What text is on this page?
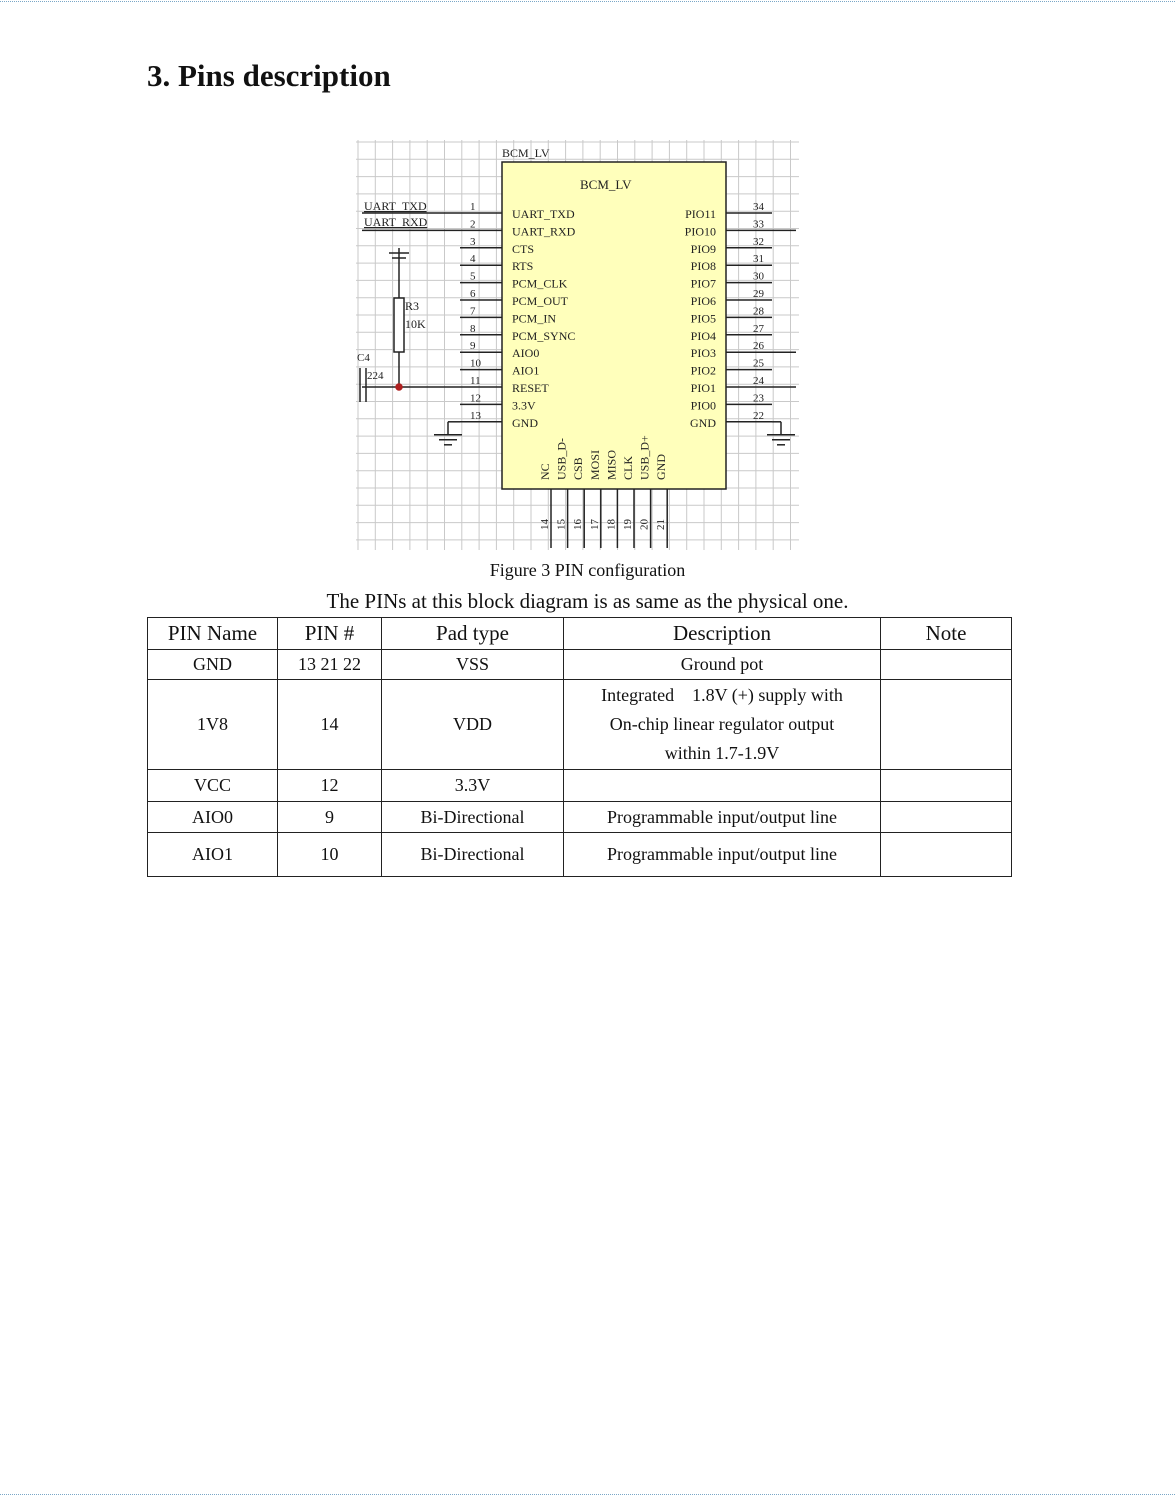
3. Pins description
BCM_LV
BCM_LV
UART_TXD
UART_RXD
R3
10K
C4
224
1	UART_TXD
2	UART_RXD
3	CTS
4
RTS
5	PCM_CLK
6	PCM_OUT
7	PCM_IN
8	PCM_SYNC
9	AIO0
10	AIO1
11	RESET
12	3.3V
13	GND
34
PIO11
33
PIO10
32
PIO9
31
PIO8
30
PIO7
29
PIO6
28
PIO5
27
PIO4
26
PIO3
25
PIO2
24
PIO1
23
PIO0
22
GND
NC
14
USB_D-
15
CSB
16
MOSI
17
MISO
18
CLK
19
USB_D+
20
GND
21
Figure 3 PIN configuration
The PINs at this block diagram is as same as the physical one.
PIN Name	PIN #	Pad type	Description	Note
GND	13 21 22	VSS	Ground pot	
1V8	14	VDD	Integrated    1.8V (+) supply with
On-chip linear regulator output
within 1.7-1.9V	

VCC	12	3.3V		
AIO0	9	Bi-Directional	Programmable input/output line	
AIO1	10	Bi-Directional	Programmable input/output line	
